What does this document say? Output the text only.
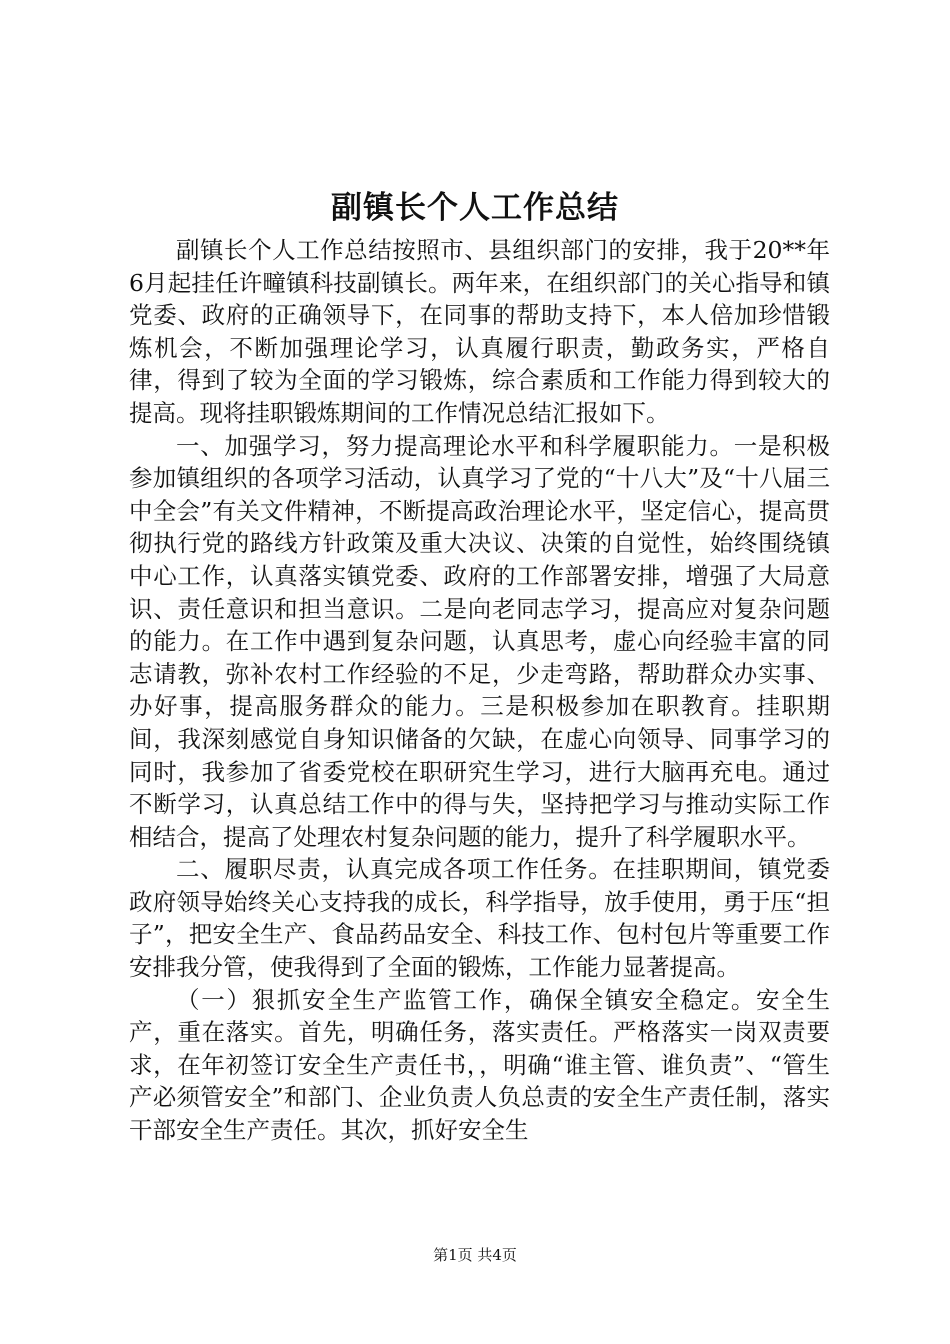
副镇长个人工作总结

副镇长个人工作总结按照市、县组织部门的安排，我于20**年6月起挂任许疃镇科技副镇长。两年来，在组织部门的关心指导和镇党委、政府的正确领导下，在同事的帮助支持下，本人倍加珍惜锻炼机会，不断加强理论学习，认真履行职责，勤政务实，严格自律，得到了较为全面的学习锻炼，综合素质和工作能力得到较大的提高。现将挂职锻炼期间的工作情况总结汇报如下。

一、加强学习，努力提高理论水平和科学履职能力。一是积极参加镇组织的各项学习活动，认真学习了党的“十八大”及“十八届三中全会”有关文件精神，不断提高政治理论水平，坚定信心，提高贯彻执行党的路线方针政策及重大决议、决策的自觉性，始终围绕镇中心工作，认真落实镇党委、政府的工作部署安排，增强了大局意识、责任意识和担当意识。二是向老同志学习，提高应对复杂问题的能力。在工作中遇到复杂问题，认真思考，虚心向经验丰富的同志请教，弥补农村工作经验的不足，少走弯路，帮助群众办实事、办好事，提高服务群众的能力。三是积极参加在职教育。挂职期间，我深刻感觉自身知识储备的欠缺，在虚心向领导、同事学习的同时，我参加了省委党校在职研究生学习，进行大脑再充电。通过不断学习，认真总结工作中的得与失，坚持把学习与推动实际工作相结合，提高了处理农村复杂问题的能力，提升了科学履职水平。

二、履职尽责，认真完成各项工作任务。在挂职期间，镇党委政府领导始终关心支持我的成长，科学指导，放手使用，勇于压“担子”，把安全生产、食品药品安全、科技工作、包村包片等重要工作安排我分管，使我得到了全面的锻炼，工作能力显著提高。

（一）狠抓安全生产监管工作，确保全镇安全稳定。安全生产，重在落实。首先，明确任务，落实责任。严格落实一岗双责要求，在年初签订安全生产责任书，，明确“谁主管、谁负责”、“管生产必须管安全”和部门、企业负责人负总责的安全生产责任制，落实干部安全生产责任。其次，抓好安全生

第1页 共4页
